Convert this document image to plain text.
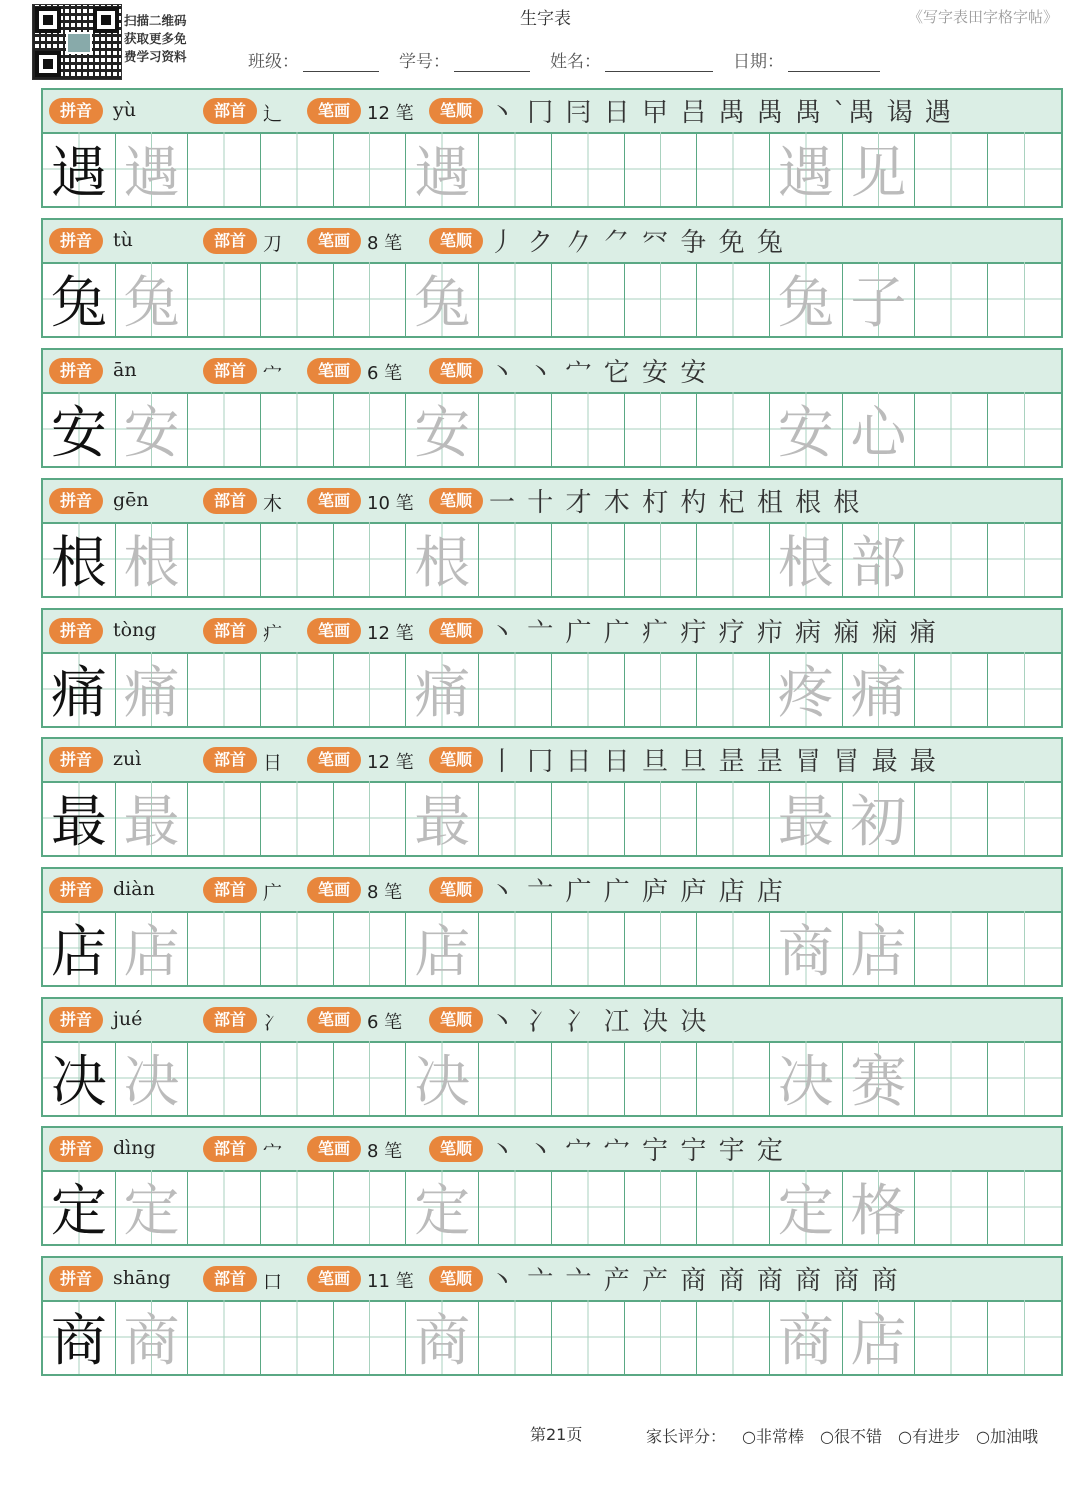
扫描二维码
获取更多免
费学习资料
生字表	《写字表田字格字帖》
班级：	学号：	姓名：	日期：
拼音	yù	部首 辶	笔画 12 笔	笔顺 丶 冂 冃 日 曱 吕 禺 禺 禺 `禺 谒 遇
遇 遇	遇	遇 见
拼音	tù	部首 刀	笔画 8 笔	笔顺 丿 ク 𠂊 ⺈ 㓁 争 免 兔
兔 兔	兔	兔 子
拼音	ān	部首 宀	笔画 6 笔	笔顺 丶 丶 宀 它 安 安
安 安	安	安 心
拼音	gēn	部首 木	笔画 10 笔	笔顺 一 十 才 木 朾 杓 杞 柤 根 根
根 根	根	根 部
拼音	tòng	部首 疒	笔画 12 笔	笔顺 丶 亠 广 广 疒 疔 疗 疖 病 痫 痫 痛
痛 痛	痛	疼 痛
拼音	zuì	部首 日	笔画 12 笔	笔顺 丨 冂 日 日 旦 旦 昰 昰 冒 冒 最 最
最 最	最	最 初
拼音	diàn	部首 广	笔画 8 笔	笔顺 丶 亠 广 广 庐 庐 店 店
店 店	店	商 店
拼音	jué	部首 冫	笔画 6 笔	笔顺 丶 冫 冫 冮 决 决
决 决	决	决 赛
拼音	dìng	部首 宀	笔画 8 笔	笔顺 丶 丶 宀 宀 宁 宁 宇 定
定 定	定	定 格
拼音	shāng	部首 口	笔画 11 笔	笔顺 丶 亠 亠 产 产 商 商 商 商 商 商
商 商	商	商 店
第21页	家长评分：	○ 非常棒	○ 很不错	○ 有进步	○ 加油哦
